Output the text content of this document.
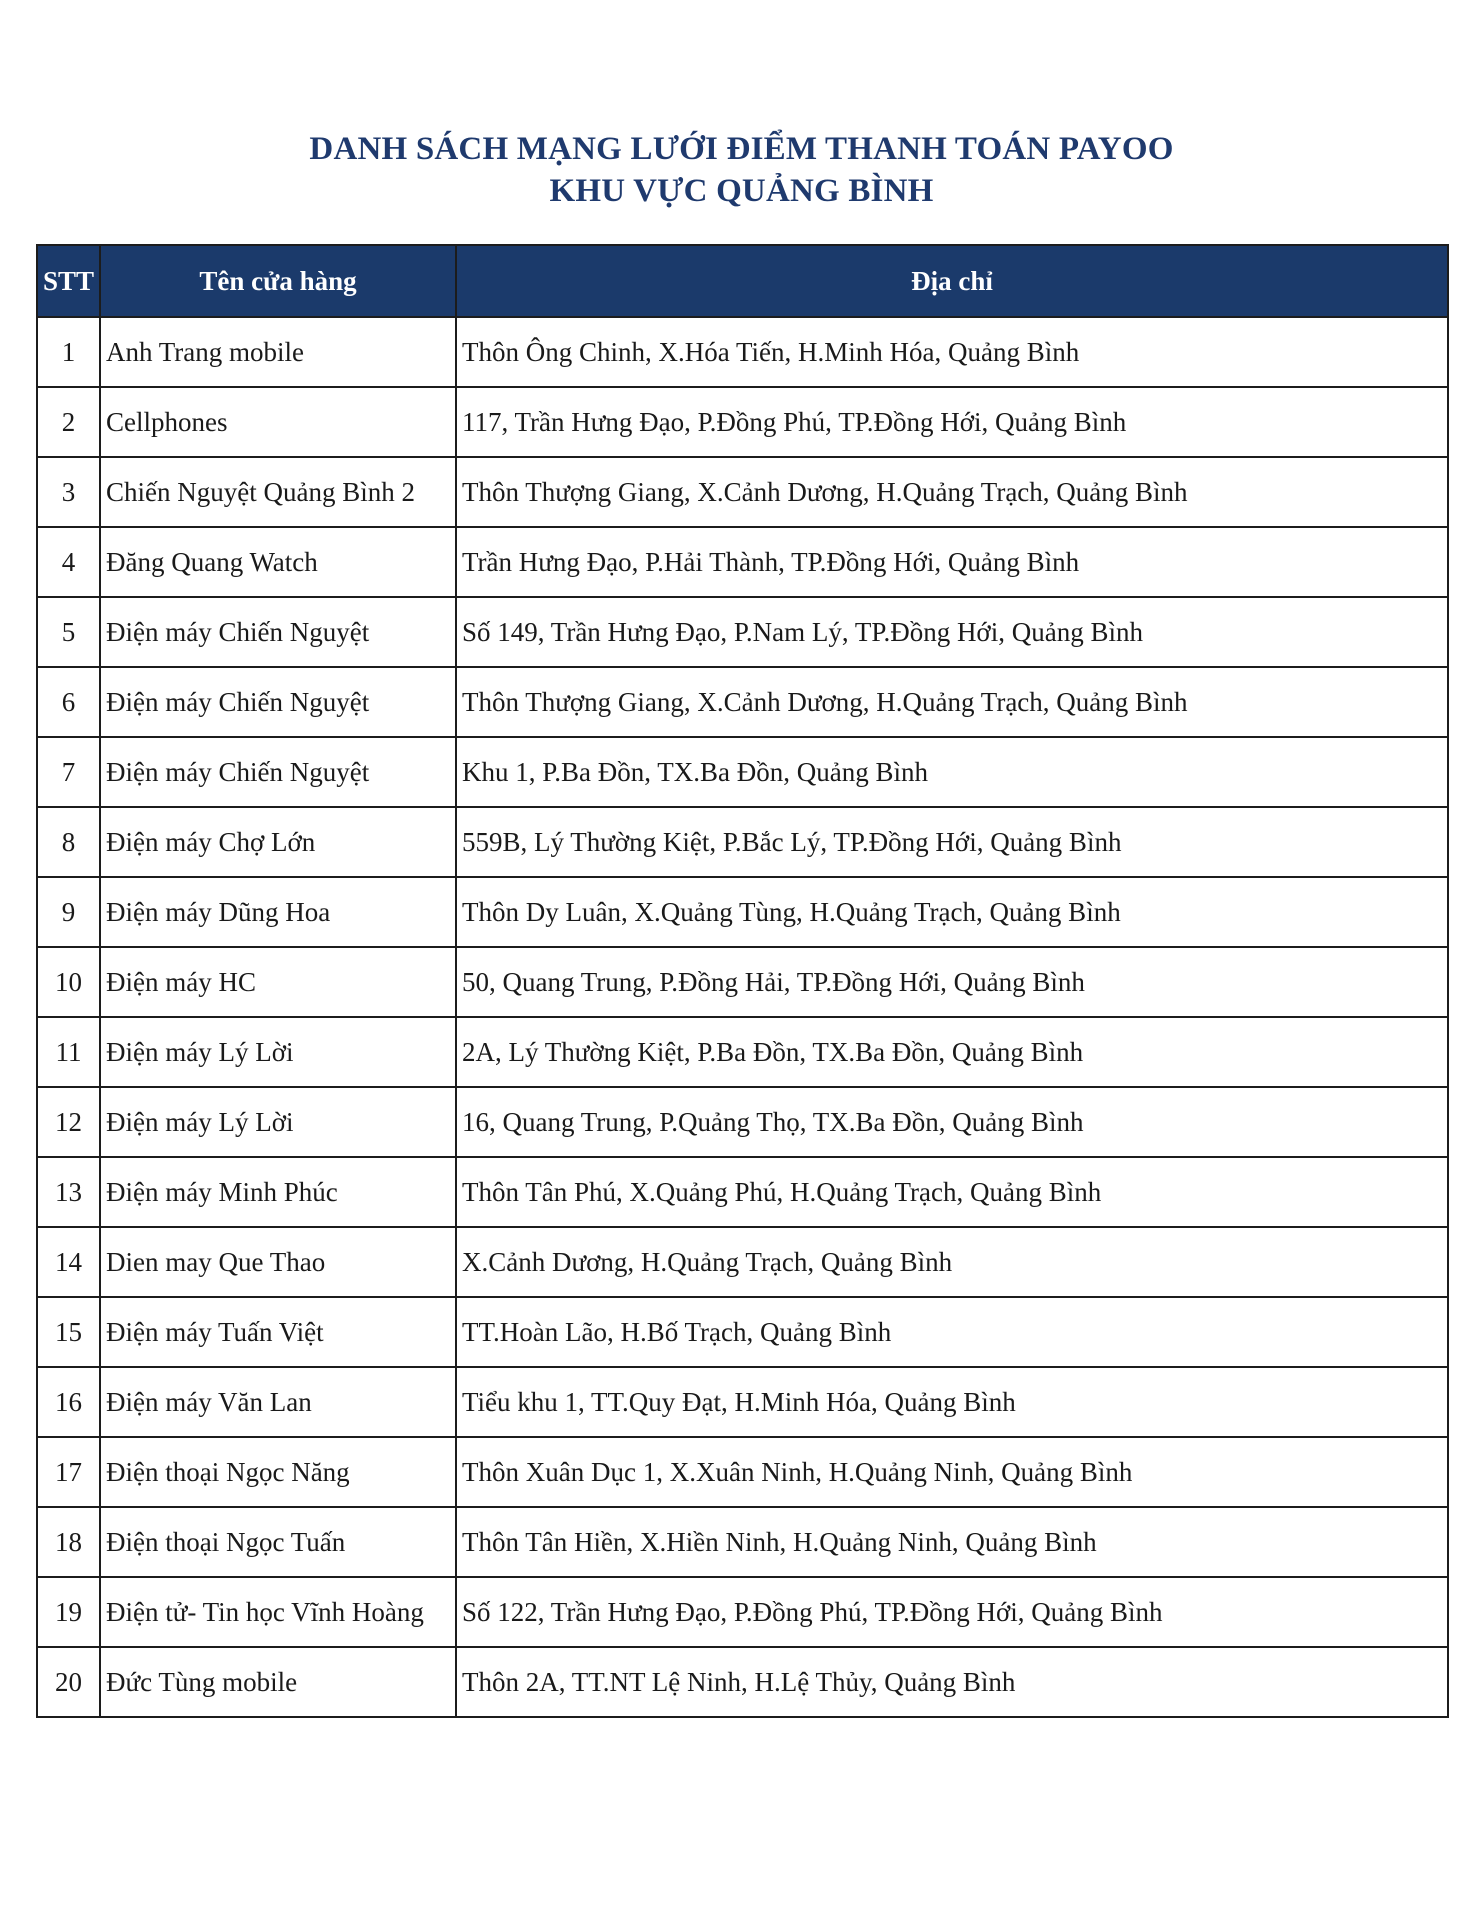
DANH SÁCH MẠNG LƯỚI ĐIỂM THANH TOÁN PAYOO
KHU VỰC QUẢNG BÌNH
STT	Tên cửa hàng	Địa chỉ
1	Anh Trang mobile	Thôn Ông Chinh, X.Hóa Tiến, H.Minh Hóa, Quảng Bình
2	Cellphones	117, Trần Hưng Đạo, P.Đồng Phú, TP.Đồng Hới, Quảng Bình
3	Chiến Nguyệt Quảng Bình 2	Thôn Thượng Giang, X.Cảnh Dương, H.Quảng Trạch, Quảng Bình
4	Đăng Quang Watch	Trần Hưng Đạo, P.Hải Thành, TP.Đồng Hới, Quảng Bình
5	Điện máy Chiến Nguyệt	Số 149, Trần Hưng Đạo, P.Nam Lý, TP.Đồng Hới, Quảng Bình
6	Điện máy Chiến Nguyệt	Thôn Thượng Giang, X.Cảnh Dương, H.Quảng Trạch, Quảng Bình
7	Điện máy Chiến Nguyệt	Khu 1, P.Ba Đồn, TX.Ba Đồn, Quảng Bình
8	Điện máy Chợ Lớn	559B, Lý Thường Kiệt, P.Bắc Lý, TP.Đồng Hới, Quảng Bình
9	Điện máy Dũng Hoa	Thôn Dy Luân, X.Quảng Tùng, H.Quảng Trạch, Quảng Bình
10	Điện máy HC	50, Quang Trung, P.Đồng Hải, TP.Đồng Hới, Quảng Bình
11	Điện máy Lý Lời	2A, Lý Thường Kiệt, P.Ba Đồn, TX.Ba Đồn, Quảng Bình
12	Điện máy Lý Lời	16, Quang Trung, P.Quảng Thọ, TX.Ba Đồn, Quảng Bình
13	Điện máy Minh Phúc	Thôn Tân Phú, X.Quảng Phú, H.Quảng Trạch, Quảng Bình
14	Dien may Que Thao	X.Cảnh Dương, H.Quảng Trạch, Quảng Bình
15	Điện máy Tuấn Việt	TT.Hoàn Lão, H.Bố Trạch, Quảng Bình
16	Điện máy Văn Lan	Tiểu khu 1, TT.Quy Đạt, H.Minh Hóa, Quảng Bình
17	Điện thoại Ngọc Năng	Thôn Xuân Dục 1, X.Xuân Ninh, H.Quảng Ninh, Quảng Bình
18	Điện thoại Ngọc Tuấn	Thôn Tân Hiền, X.Hiền Ninh, H.Quảng Ninh, Quảng Bình
19	Điện tử- Tin học Vĩnh Hoàng	Số 122, Trần Hưng Đạo, P.Đồng Phú, TP.Đồng Hới, Quảng Bình
20	Đức Tùng mobile	Thôn 2A, TT.NT Lệ Ninh, H.Lệ Thủy, Quảng Bình
